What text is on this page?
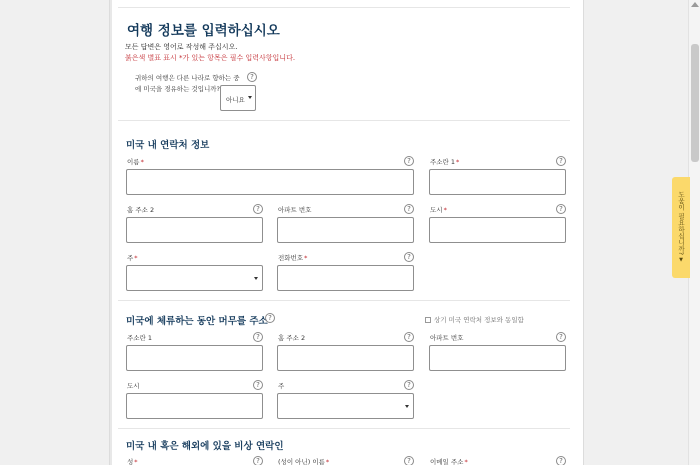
여행 정보를 입력하십시오
모든 답변은 영어로 작성해 주십시오.
붉은색 별표 표시 *가 있는 항목은 필수 입력사항입니다.
귀하의 여행은 다른 나라로 향하는 중에 미국을 경유하는 것입니까?
?
아니요
미국 내 연락처 정보
이름*	?	주소란 1*	?
홈 주소 2	?	아파트 번호	?	도시*	?
주*	전화번호*	?
미국에 체류하는 동안 머무를 주소 ?	상기 미국 연락처 정보와 동일함
주소란 1	?	홈 주소 2	?	아파트 번호	?
도시	?	주	?
미국 내 혹은 해외에 있을 비상 연락인
성*	?	(성이 아닌) 이름*	?	이메일 주소*	?
도움이 필요하십니까? ▼
